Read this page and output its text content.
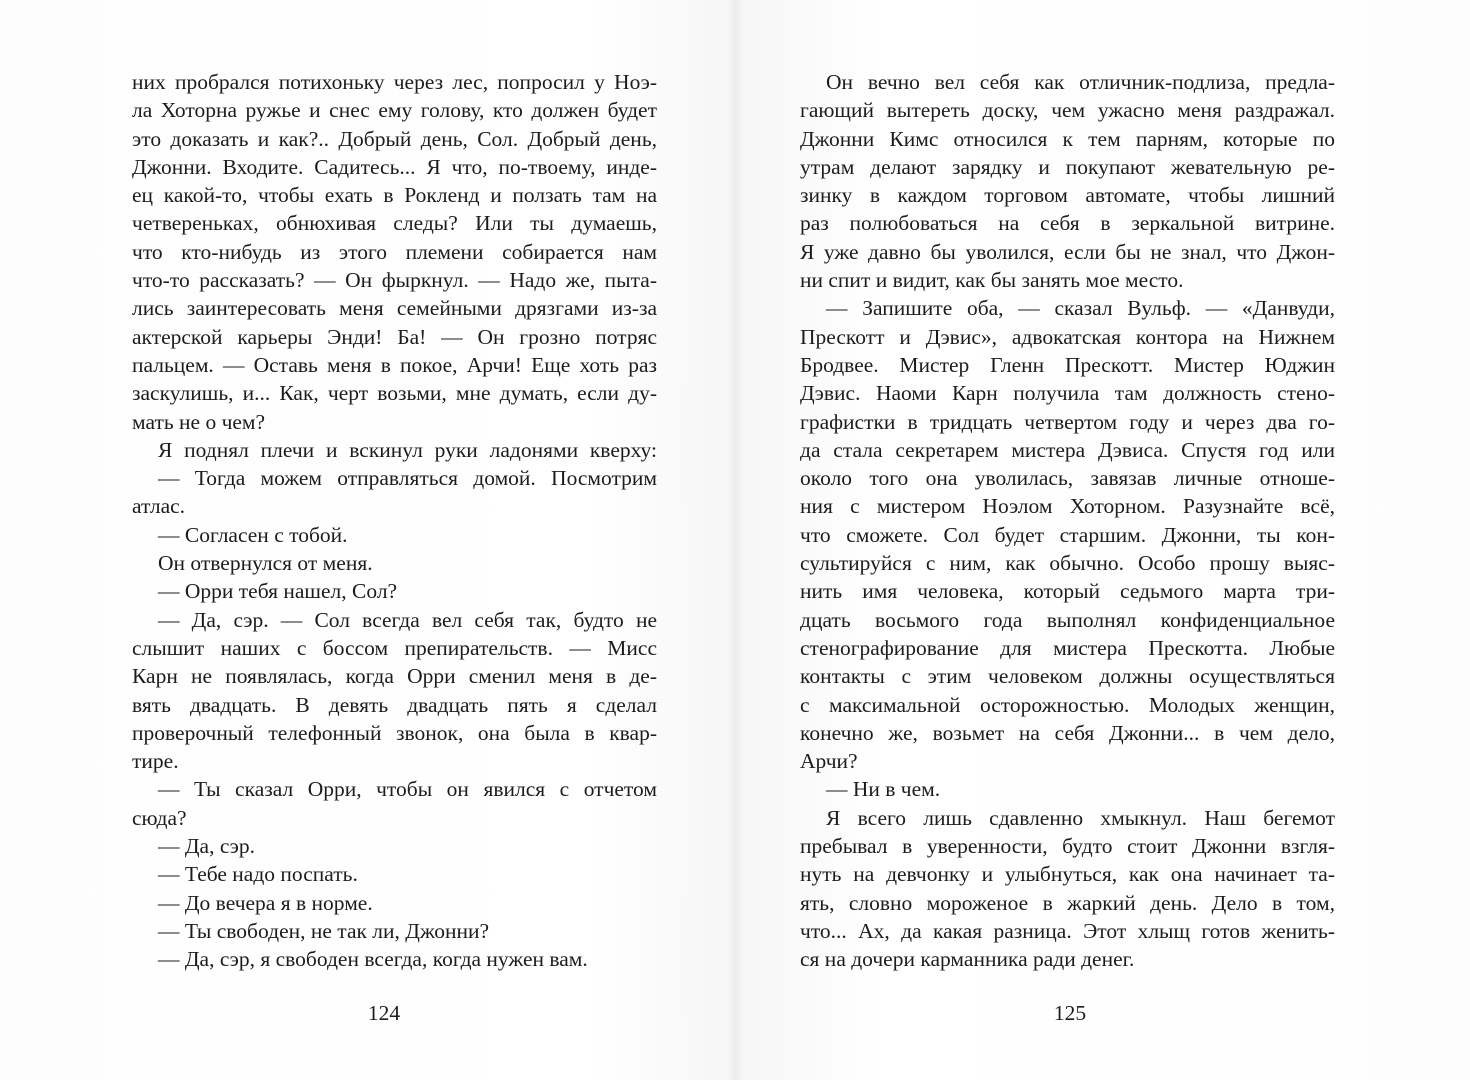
них пробрался потихоньку через лес, попросил у Ноэ-
ла Хоторна ружье и снес ему голову, кто должен будет
это доказать и как?.. Добрый день, Сол. Добрый день,
Джонни. Входите. Садитесь... Я что, по-твоему, индe-
ец какой-то, чтобы ехать в Рокленд и ползать там на
четвереньках, обнюхивая следы? Или ты думаешь,
что кто-нибудь из этого племени собирается нам
что-то рассказать? — Он фыркнул. — Надо же, пыта-
лись заинтересовать меня семейными дрязгами из-за
актерской карьеры Энди! Ба! — Он грозно потряс
пальцем. — Оставь меня в покое, Арчи! Еще хоть раз
заскулишь, и... Как, черт возьми, мне думать, если ду-
мать не о чем?
Я поднял плечи и вскинул руки ладонями кверху:
— Тогда можем отправляться домой. Посмотрим
атлас.
— Согласен с тобой.
Он отвернулся от меня.
— Орри тебя нашел, Сол?
— Да, сэр. — Сол всегда вел себя так, будто не
слышит наших с боссом препирательств. — Мисс
Карн не появлялась, когда Орри сменил меня в де-
вять двадцать. В девять двадцать пять я сделал
проверочный телефонный звонок, она была в квар-
тире.
— Ты сказал Орри, чтобы он явился с отчетом
сюда?
— Да, сэр.
— Тебе надо поспать.
— До вечера я в норме.
— Ты свободен, не так ли, Джонни?
— Да, сэр, я свободен всегда, когда нужен вам.
124
Он вечно вел себя как отличник-подлиза, предла-
гающий вытереть доску, чем ужасно меня раздражал.
Джонни Кимс относился к тем парням, которые по
утрам делают зарядку и покупают жевательную ре-
зинку в каждом торговом автомате, чтобы лишний
раз полюбоваться на себя в зеркальной витрине.
Я уже давно бы уволился, если бы не знал, что Джон-
ни спит и видит, как бы занять мое место.
— Запишите оба, — сказал Вульф. — «Данвуди,
Прескотт и Дэвис», адвокатская контора на Нижнем
Бродвее. Мистер Гленн Прескотт. Мистер Юджин
Дэвис. Наоми Карн получила там должность стено-
графистки в тридцать четвертом году и через два го-
да стала секретарем мистера Дэвиса. Спустя год или
около того она уволилась, завязав личные отноше-
ния с мистером Ноэлом Хоторном. Разузнайте всё,
что сможете. Сол будет старшим. Джонни, ты кон-
сультируйся с ним, как обычно. Особо прошу выяс-
нить имя человека, который седьмого марта три-
дцать восьмого года выполнял конфиденциальное
стенографирование для мистера Прескотта. Любые
контакты с этим человеком должны осуществляться
с максимальной осторожностью. Молодых женщин,
конечно же, возьмет на себя Джонни... в чем дело,
Арчи?
— Ни в чем.
Я всего лишь сдавленно хмыкнул. Наш бегемот
пребывал в уверенности, будто стоит Джонни взгля-
нуть на девчонку и улыбнуться, как она начинает та-
ять, словно мороженое в жаркий день. Дело в том,
что... Ах, да какая разница. Этот хлыщ готов женить-
ся на дочери карманника ради денег.
125
